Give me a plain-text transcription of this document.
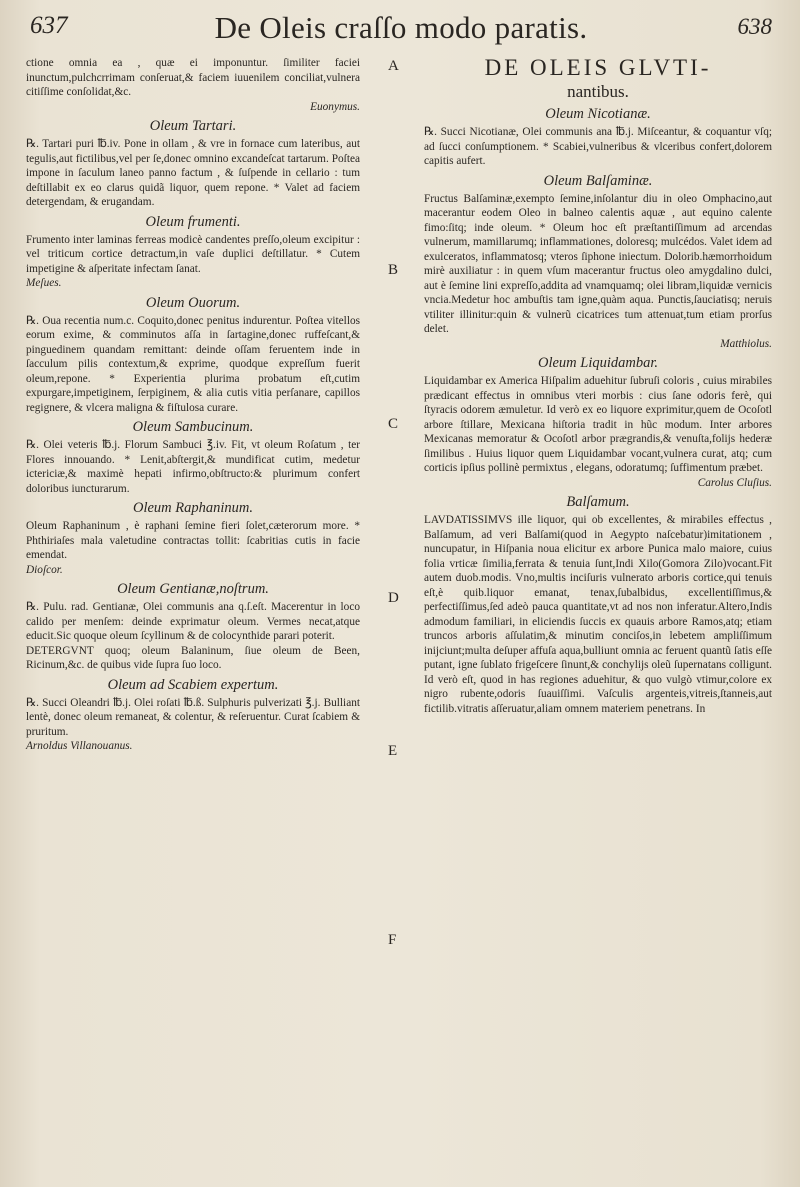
637	De Oleis craſſo modo paratis.	638
A
B
C
D
E
F

ctione omnia ea , quæ ei imponuntur. ſimiliter faciei inunctum,pulchcrrimam conſeruat,& faciem iuuenilem conciliat,vulnera citiſſime conſolidat,&c.

Euonymus.
Oleum Tartari.

℞. Tartari puri ℔.iv. Pone in ollam , & vre in fornace cum lateribus, aut tegulis,aut fictilibus,vel per ſe,donec omnino excandeſcat tartarum. Poſtea impone in ſaculum laneo panno factum , & ſuſpende in cellario : tum deſtillabit ex eo clarus quidã liquor, quem repone. * Valet ad faciem detergendam, & erugandam.

Oleum frumenti.

Frumento inter laminas ferreas modicè candentes preſſo,oleum excipitur : vel triticum cortice detractum,in vaſe duplici deſtillatur. * Cutem impetigine & aſperitate infectam ſanat.

Meſues.
Oleum Ouorum.

℞. Oua recentia num.c. Coquito,donec penitus indurentur. Poſtea vitellos eorum exime, & comminutos aſſa in ſartagine,donec ruffeſcant,& pinguedinem quandam remittant: deinde oſſam feruentem inde in ſacculum pilis contextum,& exprime, quodque expreſſum fuerit oleum,repone. * Experientia plurima probatum eſt,cutim expurgare,impetiginem, ſerpiginem, & alia cutis vitia perſanare, capillos regignere, & vlcera maligna & fiſtulosa curare.

Oleum Sambucinum.

℞. Olei veteris ℔.j. Florum Sambuci ℥.iv. Fit, vt oleum Roſatum , ter Flores innouando. * Lenit,abſtergit,& mundificat cutim, medetur ictericiæ,& maximè hepati infirmo,obſtructo:& plurimum confert doloribus iuncturarum.

Oleum Raphaninum.

Oleum Raphaninum , è raphani ſemine fieri ſolet,cæterorum more. * Phthiriaſes mala valetudine contractas tollit: ſcabritias cutis in facie emendat.

Dioſcor.
Oleum Gentianæ,noſtrum.

℞. Pulu. rad. Gentianæ, Olei communis ana q.ſ.eſt. Macerentur in loco calido per menſem: deinde exprimatur oleum. Vermes necat,atque educit.Sic quoque oleum ſcyllinum & de colocynthide parari poterit.

DETERGVNT quoq; oleum Balaninum, ſiue oleum de Been, Ricinum,&c. de quibus vide ſupra ſuo loco.

Oleum ad Scabiem expertum.

℞. Succi Oleandri ℔.j. Olei roſati ℔.ß. Sulphuris pulverizati ℥.j. Bulliant lentè, donec oleum remaneat, & colentur, & reſeruentur. Curat ſcabiem & pruritum.

Arnoldus Villanouanus.
DE OLEIS GLVTI-
nantibus.
Oleum Nicotianæ.

℞. Succi Nicotianæ, Olei communis ana ℔.j. Miſceantur, & coquantur vſq; ad ſucci conſumptionem. * Scabiei,vulneribus & vlceribus confert,dolorem capitis aufert.

Oleum Balſaminæ.

Fructus Balſaminæ,exempto ſemine,inſolantur diu in oleo Omphacino,aut macerantur eodem Oleo in balneo calentis aquæ , aut equino calente fimo:ſitq; inde oleum. * Oleum hoc eſt præſtantiſſimum ad arcendas vulnerum, mamillarumq; inflammationes, doloresq; mulcédos. Valet idem ad exulceratos, inflammatosq; vteros ſiphone iniectum. Dolorib.hæmorrhoidum mirè auxiliatur : in quem vſum macerantur fructus oleo amygdalino dulci, aut è ſemine lini expreſſo,addita ad vnamquamq; olei libram,liquidæ vernicis vncia.Medetur hoc ambuſtis tam igne,quàm aqua. Punctis,ſauciatisq; neruis vtiliter illinitur:quin & vulnerũ cicatrices tum attenuat,tum etiam prorſus delet.

Matthiolus.
Oleum Liquidambar.

Liquidambar ex America Hiſpalim aduehitur ſubruſi coloris , cuius mirabiles prædicant effectus in omnibus vteri morbis : cius ſane odoris ferè, qui ſtyracis odorem æmuletur. Id verò ex eo liquore exprimitur,quem de Ocoſotl arbore ſtillare, Mexicana hiſtoria tradit in hũc modum. Inter arbores Mexicanas memoratur & Ocoſotl arbor prægrandis,& venuſta,folijs hederæ ſimilibus . Huius liquor quem Liquidambar vocant,vulnera curat, atq; cum corticis ipſius pollinè permixtus , elegans, odoratumq; ſuffimentum præbet.

Carolus Cluſius.
Balſamum.

LAVDATISSIMVS ille liquor, qui ob excellentes, & mirabiles effectus , Balſamum, ad veri Balſami(quod in Aegypto naſcebatur)imitationem , nuncupatur, in Hiſpania noua elicitur ex arbore Punica malo maiore, cuius folia vrticæ ſimilia,ferrata & tenuia ſunt,Indi Xilo(Gomora Zilo)vocant.Fit autem duob.modis. Vno,multis inciſuris vulnerato arboris cortice,qui tenuis eſt,è quib.liquor emanat, tenax,ſubalbidus, excellentiſſimus,& perfectiſſimus,ſed adeò pauca quantitate,vt ad nos non inferatur.Altero,Indis admodum familiari, in eliciendis ſuccis ex quauis arbore Ramos,atq; etiam truncos arboris aſſulatim,& minutim conciſos,in lebetem ampliſſimum inijciunt;multa deſuper affuſa aqua,bulliunt omnia ac feruent quantũ ſatis eſſe putant, igne ſublato frigeſcere ſinunt,& conchylijs oleũ ſupernatans colligunt. Id verò eſt, quod in has regiones aduehitur, & quo vulgò vtimur,colore ex nigro rubente,odoris ſuauiſſimi. Vaſculis argenteis,vitreis,ſtanneis,aut fictilib.vitratis aſſeruatur,aliam omnem materiem penetrans. In
